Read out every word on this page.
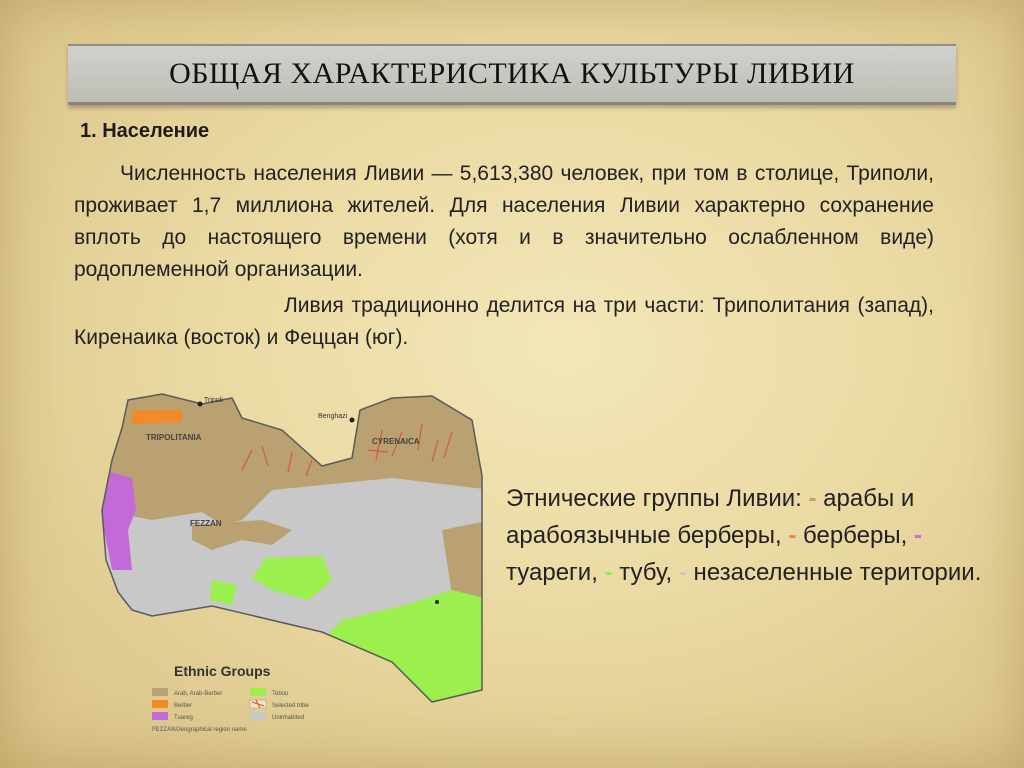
ОБЩАЯ ХАРАКТЕРИСТИКА КУЛЬТУРЫ ЛИВИИ
1. Население
Численность населения Ливии — 5,613,380 человек, при том в столице, Триполи, проживает 1,7 миллиона жителей. Для населения Ливии характерно сохранение вплоть до настоящего времени (хотя и в значительно ослабленном виде) родоплеменной организации.
Ливия традиционно делится на три части: Триполитания (запад), Киренаика (восток) и Феццан (юг).
Tripoli
Benghazi
TRIPOLITANIA	CYRENAICA
FEZZAN
Ethnic Groups
Arab, Arab-Berber
Berber
Tuareg
FEZZAN Geographical region name
Tebou
Selected tribe
Uninhabited
Этнические группы Ливии: - арабы и арабоязычные берберы, - берберы, - туареги, - тубу, - незаселенные територии.
